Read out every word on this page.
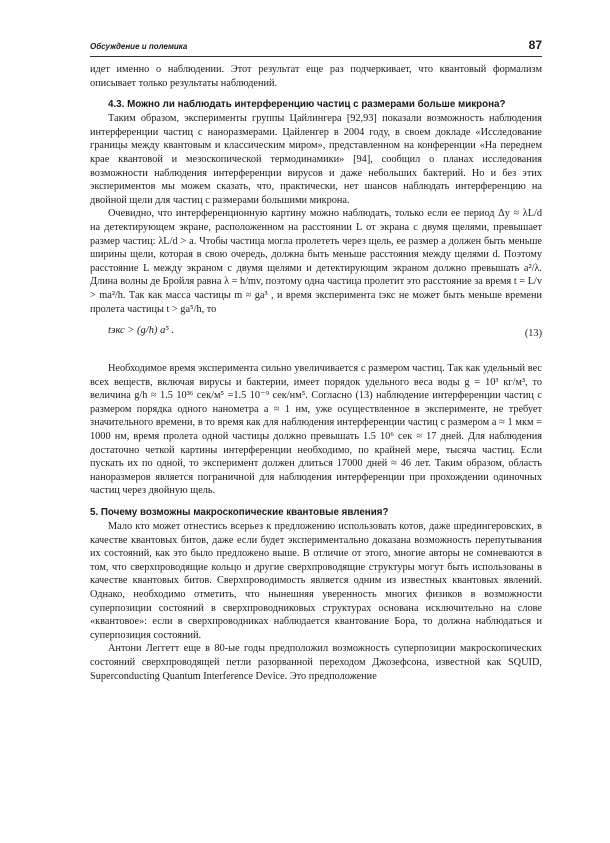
Обсуждение и полемика	87

идет именно о наблюдении. Этот результат еще раз подчеркивает, что квантовый формализм описывает только результаты наблюдений.

4.3. Можно ли наблюдать интерференцию частиц с размерами больше микрона?

Таким образом, эксперименты группы Цайлингера [92,93] показали возможность наблюдения интерференции частиц с наноразмерами. Цайленгер в 2004 году, в своем докладе «Исследование границы между квантовым и классическим миром», представленном на конференции «На переднем крае квантовой и мезоскопической термодинамики» [94], сообщил о планах исследования возможности наблюдения интерференции вирусов и даже небольших бактерий. Но и без этих экспериментов мы можем сказать, что, практически, нет шансов наблюдать интерференцию на двойной щели для частиц с размерами большими микрона.

Очевидно, что интерференционную картину можно наблюдать, только если ее период Δy ≈ λL/d на детектирующем экране, расположенном на расстоянии L от экрана с двумя щелями, превышает размер частиц: λL/d > a. Чтобы частица могла пролететь через щель, ее размер a должен быть меньше ширины щели, которая в свою очередь, должна быть меньше расстояния между щелями d. Поэтому расстояние L между экраном с двумя щелями и детектирующим экраном должно превышать a²/λ. Длина волны де Бройля равна λ = h/mv, поэтому одна частица пролетит это расстояние за время t = L/v > ma²/h. Так как масса частицы m ≈ ga³ , и время эксперимента tэкс не может быть меньше времени пролета частицы t > ga⁵/h, то

tэкс > (g/h) a⁵ .	(13)

Необходимое время эксперимента сильно увеличивается с размером частиц. Так как удельный вес всех веществ, включая вирусы и бактерии, имеет порядок удельного веса воды g = 10³ кг/м³, то величина g/h ≈ 1.5 10³⁶ сек/м⁵ =1.5 10⁻⁹ сек/нм⁵. Согласно (13) наблюдение интерференции частиц с размером порядка одного нанометра a ≈ 1 нм, уже осуществленное в эксперименте, не требует значительного времени, в то время как для наблюдения интерференции частиц с размером a ≈ 1 мкм = 1000 нм, время пролета одной частицы должно превышать 1.5 10⁶ сек ≈ 17 дней. Для наблюдения достаточно четкой картины интерференции необходимо, по крайней мере, тысяча частиц. Если пускать их по одной, то эксперимент должен длиться 17000 дней ≈ 46 лет. Таким образом, область наноразмеров является пограничной для наблюдения интерференции при прохождении одиночных частиц через двойную щель.

5. Почему возможны макроскопические квантовые явления?

Мало кто может отнестись всерьез к предложению использовать котов, даже шредингеровских, в качестве квантовых битов, даже если будет экспериментально доказана возможность перепутывания их состояний, как это было предложено выше. В отличие от этого, многие авторы не сомневаются в том, что сверхпроводящие кольцо и другие сверхпроводящие структуры могут быть использованы в качестве квантовых битов. Сверхпроводимость является одним из известных квантовых явлений. Однако, необходимо отметить, что нынешняя уверенность многих физиков в возможности суперпозиции состояний в сверхпроводниковых структурах основана исключительно на слове «квантовое»: если в сверхпроводниках наблюдается квантование Бора, то должна наблюдаться и суперпозиция состояний.

Антони Леггетт еще в 80-ые годы предположил возможность суперпозиции макроскопических состояний сверхпроводящей петли разорванной переходом Джозефсона, известной как SQUID, Superconducting Quantum Interference Device. Это предположение
